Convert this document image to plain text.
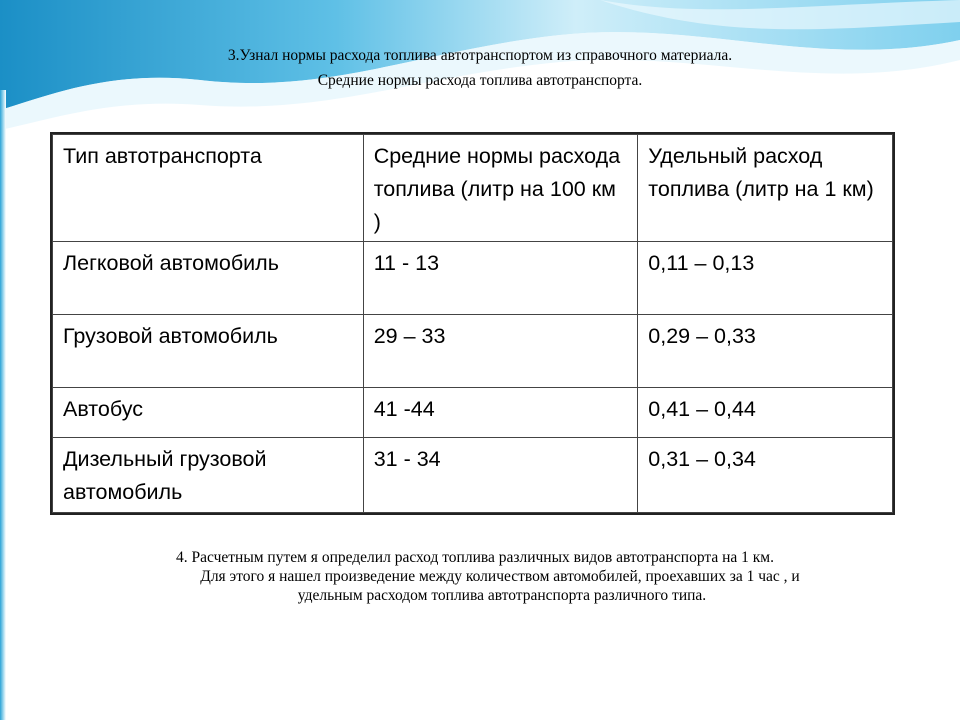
3.Узнал нормы расхода топлива автотранспортом из справочного материала.
Средние нормы расхода топлива автотранспорта.
Тип автотранспорта	Средние нормы расхода топлива (литр на 100 км )	Удельный расход топлива (литр на 1 км)
Легковой автомобиль	11 - 13	0,11 – 0,13
Грузовой автомобиль	29 – 33	0,29 – 0,33
Автобус	41 -44	0,41 – 0,44
Дизельный грузовой автомобиль	31 - 34	0,31 – 0,34
4. Расчетным путем я определил расход топлива различных видов автотранспорта на 1 км.
Для этого я нашел произведение между количеством автомобилей, проехавших за 1 час , и
удельным расходом топлива автотранспорта различного типа.
